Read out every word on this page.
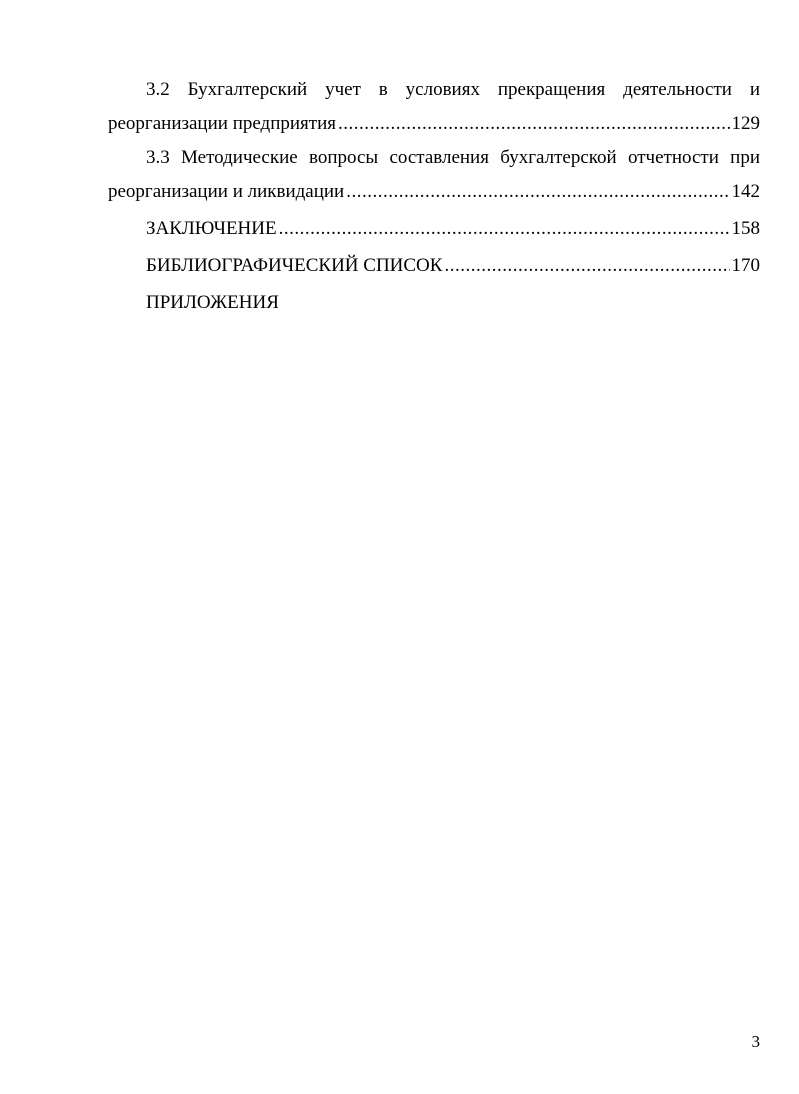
3.2 Бухгалтерский учет в условиях прекращения деятельности и
реорганизации предприятия .....	129
3.3 Методические вопросы составления бухгалтерской отчетности при
реорганизации и ликвидации .....	142
ЗАКЛЮЧЕНИЕ .....	158
БИБЛИОГРАФИЧЕСКИЙ СПИСОК .....	170
ПРИЛОЖЕНИЯ
3
